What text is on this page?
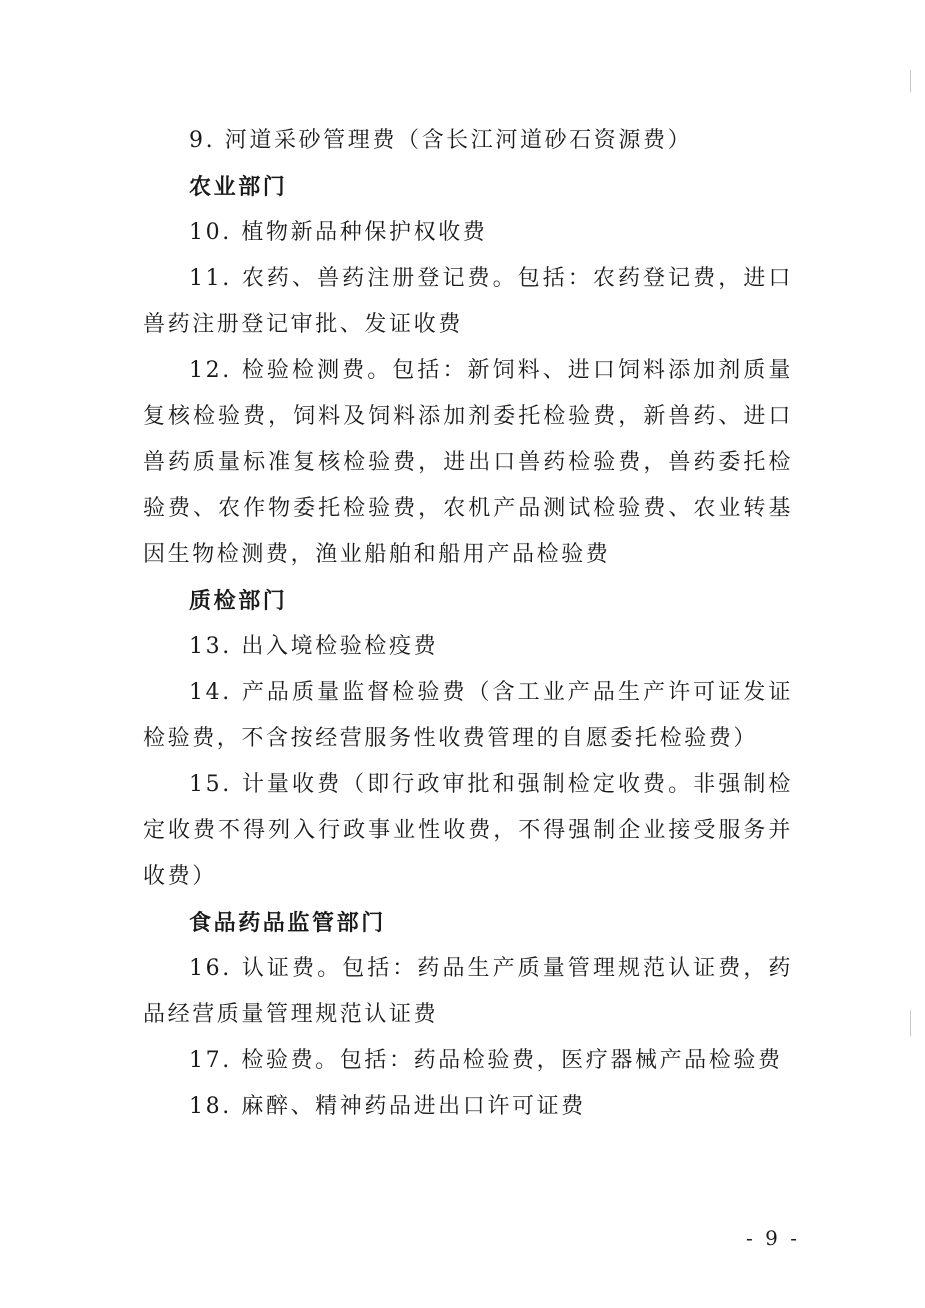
9. 河道采砂管理费（含长江河道砂石资源费）

农业部门

10. 植物新品种保护权收费

11. 农药、兽药注册登记费。包括：农药登记费，进口兽药注册登记审批、发证收费

12. 检验检测费。包括：新饲料、进口饲料添加剂质量复核检验费，饲料及饲料添加剂委托检验费，新兽药、进口兽药质量标准复核检验费，进出口兽药检验费，兽药委托检验费、农作物委托检验费，农机产品测试检验费、农业转基因生物检测费，渔业船舶和船用产品检验费

质检部门

13. 出入境检验检疫费

14. 产品质量监督检验费（含工业产品生产许可证发证检验费，不含按经营服务性收费管理的自愿委托检验费）

15. 计量收费（即行政审批和强制检定收费。非强制检定收费不得列入行政事业性收费，不得强制企业接受服务并收费）

食品药品监管部门

16. 认证费。包括：药品生产质量管理规范认证费，药品经营质量管理规范认证费

17. 检验费。包括：药品检验费，医疗器械产品检验费

18. 麻醉、精神药品进出口许可证费

- 9 -
